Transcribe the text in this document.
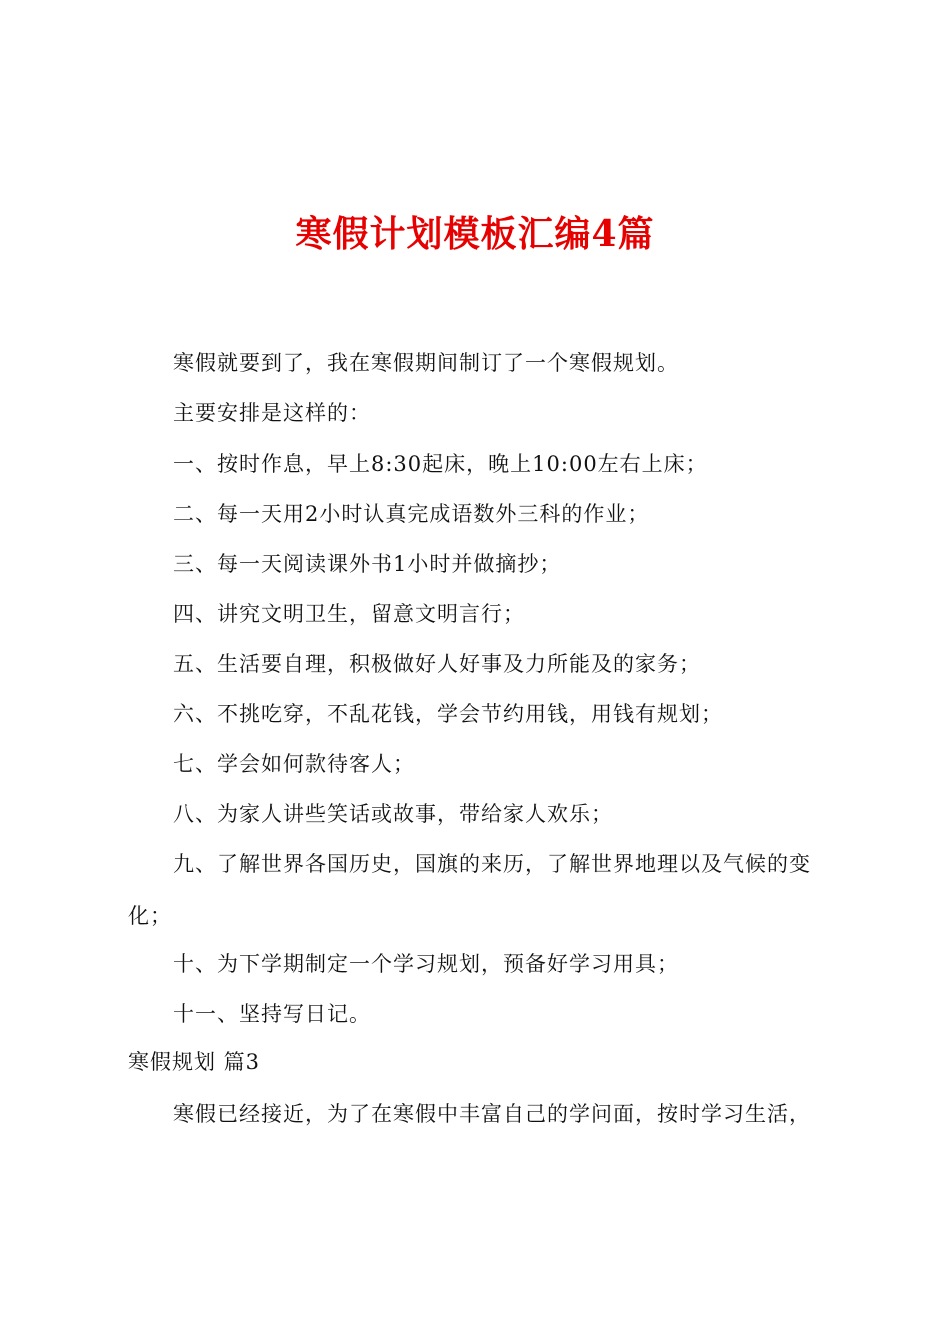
寒假计划模板汇编4篇
寒假就要到了，我在寒假期间制订了一个寒假规划。
主要安排是这样的：
一、按时作息，早上8:30起床，晚上10:00左右上床；
二、每一天用2小时认真完成语数外三科的作业；
三、每一天阅读课外书1小时并做摘抄；
四、讲究文明卫生，留意文明言行；
五、生活要自理，积极做好人好事及力所能及的家务；
六、不挑吃穿，不乱花钱，学会节约用钱，用钱有规划；
七、学会如何款待客人；
八、为家人讲些笑话或故事，带给家人欢乐；
九、了解世界各国历史，国旗的来历，了解世界地理以及气候的变化；
十、为下学期制定一个学习规划，预备好学习用具；
十一、坚持写日记。
寒假规划 篇3
寒假已经接近，为了在寒假中丰富自己的学问面，按时学习生活，
